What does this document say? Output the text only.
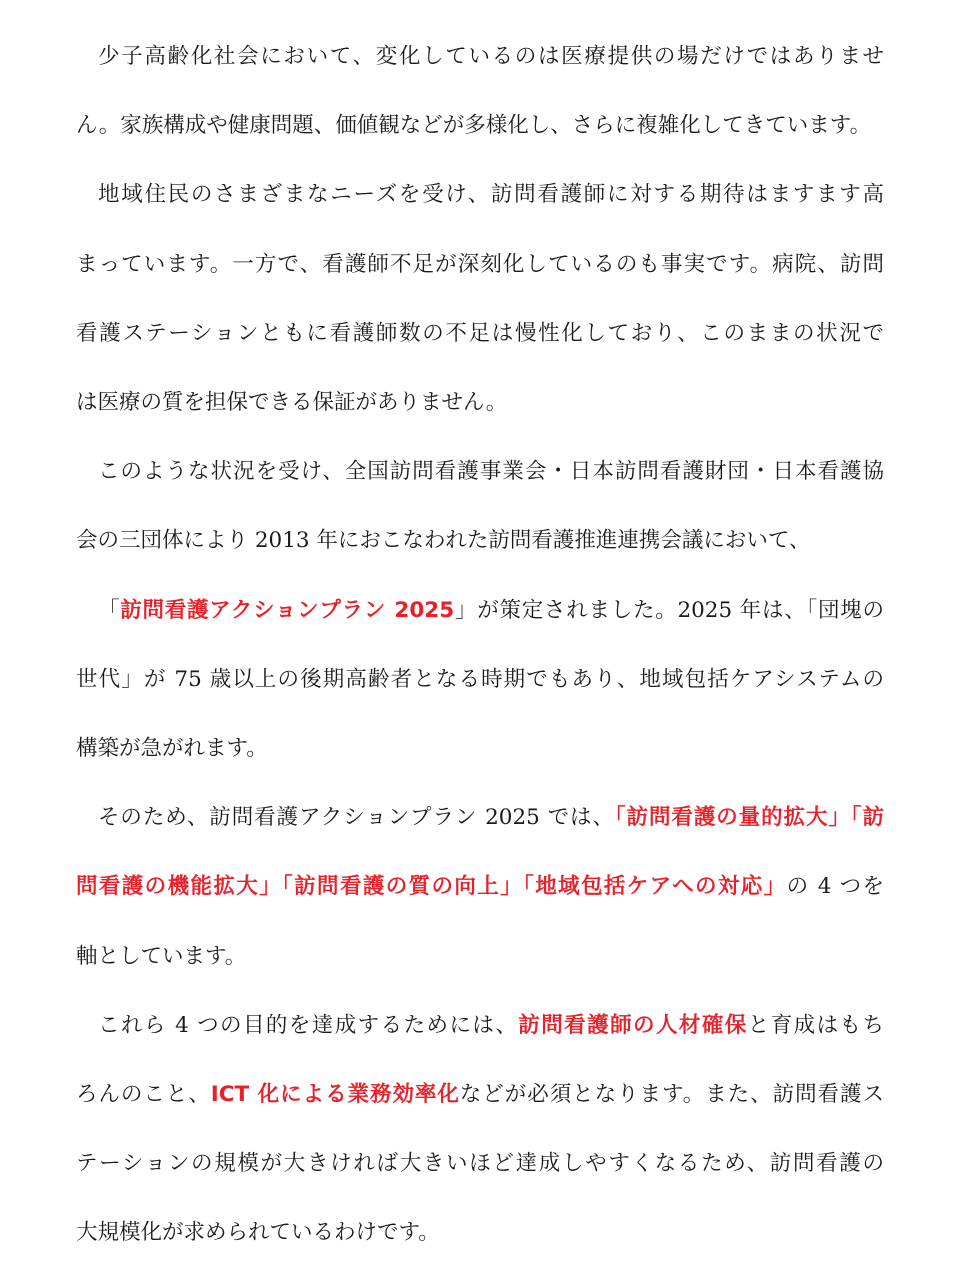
少子高齢化社会において、変化しているのは医療提供の場だけではありませ
ん。家族構成や健康問題、価値観などが多様化し、さらに複雑化してきています。
地域住民のさまざまなニーズを受け、訪問看護師に対する期待はますます高
まっています。一方で、看護師不足が深刻化しているのも事実です。病院、訪問
看護ステーションともに看護師数の不足は慢性化しており、このままの状況で
は医療の質を担保できる保証がありません。
このような状況を受け、全国訪問看護事業会・日本訪問看護財団・日本看護協
会の三団体により 2013 年におこなわれた訪問看護推進連携会議において、
「訪問看護アクションプラン 2025」が策定されました。2025 年は、「団塊の
世代」が 75 歳以上の後期高齢者となる時期でもあり、地域包括ケアシステムの
構築が急がれます。
そのため、訪問看護アクションプラン 2025 では、「訪問看護の量的拡大」「訪
問看護の機能拡大」「訪問看護の質の向上」「地域包括ケアへの対応」の 4 つを
軸としています。
これら 4 つの目的を達成するためには、訪問看護師の人材確保と育成はもち
ろんのこと、ICT 化による業務効率化などが必須となります。また、訪問看護ス
テーションの規模が大きければ大きいほど達成しやすくなるため、訪問看護の
大規模化が求められているわけです。
